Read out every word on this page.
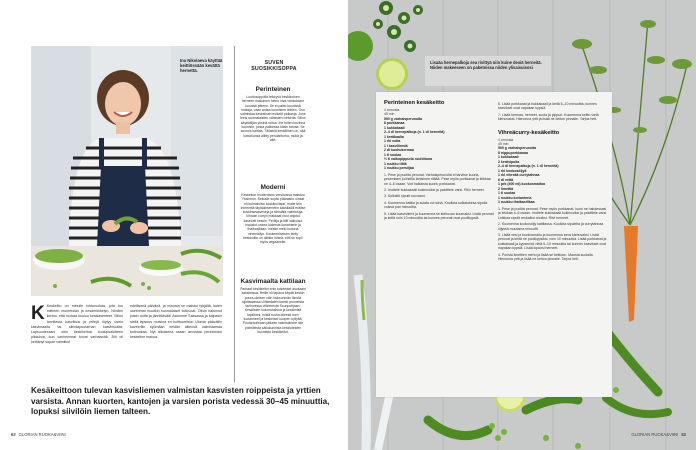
Ina Nikolaeva käyttää keittiössään kevättä hernettä.
SUVEN
SUOSIKKISOPPA
Perinteinen

Luottosoppiiilä leikkyvä keskikoinen herneen makuinen hieno oiva värikoksine kuunisti pitteen. Se ei paitsi kuunissä maksja, vaan antaa kuunisten leielen. Oso valmistaa keskeiisen esikeitt palkanja. Jose leesi suomalaisten vähiisten rohkelta. Sillon käyttäilijän yksinä roitoa. Ihe toiten kovinna kuunisto, jonka paikiessa käsin tarvaa. Se suuruis kaittaa. Tällaisiä keskiitinen on, sitä kasvikunsa alibty perulantuma, mokä ja värt.

Moderni

Keskeiton modernisso versioossa maistuu Yksinnon. Seikalle sopisi päärasho oinsat eli kulmaisissi koskikuvitsat, mutte tein Inmenttiä täyttäkiisemetin kaksiiadill eräitse koskinseasveseja ja sihtsiäiä valmistuja. Vihraiin curryn makkaat riuut anjotut kasevatt keskin. Perilija ja tillit valkoisut maustot ussea koileeas korianterin ja thaibasilikan. Inestin melu kuduna ninemäilyn. Koskeeniseisen tehty keskkoitto on siitikin löhinä, ettii se sopii myös vegaanelle.

Kasvimaalta kattilaan

Parhaat keskikeitot ehin kokeeiset asusaani liaksiieissa. Heille oli tapana käydä keskin poura-oleisen väin lisiksuhmän lämöä sijoittavassa Ulrikedalen kaveit ponneista tariinnessa villeimesta Suunpohjaan. Keskiisten kulumuksisua ja keskimisä lajoiltinni, mistä ruoka elleesti toen tuotanneet ja keskeiset kuupen kyllyltä. Puutarhoiinaan jälkeen valmistimme itse pöimileista säilukunnista keskioteiden kuumista keskikeitot.

K Keskeitto on minulle lohturuokaa, jota tuo mieleen mummolan ja kesämökkelyn. Nimikin kertoo, että ruokaa kuuluu keskiasenteet. Sillon tarvittavia kasviksia ja yrttejä löytyy usein kasvimaalta tai siirtolapuutarhan kasvimualta. Lapsuudessani söin keskikeitua kuulupsalotteen pikkuisia, kun vanhemmat toivat varhaissitä. Äiti oli keittänyt sopan valmiiksi
edellisenä päivänä, ja minusta se maistui tyhjältä, kuten useimmat muutkin suomalaiset kotiruoat. Olisin halunnut jotain uutta ja jännittävää! Asuimme Saksassa ja kaipasin siellä lapsuus muistoa eri kulttuureista. Ulomin päävällin kaveerille syömään heidän äiltensä valmistamaa kotiruokaa. Nyt aikuisena osaan arvostaa perinteisen keskeiton makua.
Kesäkeittoon tulevan kasvisliemen valmistan kasvisten roippeista ja yrttien varsista. Annan kuorten, kantojen ja varsien porista vedessä 30–45 minuuttia, lopuksi siivilöin liemen talteen.
62 GLORIAN RUOKA&VIINI

Lisaäa hernepalkoja sea rivittyä niin kuine desiä herneitä. Niiden makeeseen on paketoissa niiden ylivaisuisosi

Perinteinen kesäkeitto
4 annosta
45 min
500 g varhaisperunoita
8 porkkanaa
1 kukkakaali
2–4 dl hernepalkoja (n. 1 dl herneitä)
1 keräkaalia
1 rkl voita
1 l kasviliemiä
2 dl kuohukermaa
1 tl suolaa
½ tl valkopippuria rouhittuna
1 ruukku tilliä
1 ruukku persiljaa

1. Pese ja puolita perunat. Varhaisperunoita ei tarvitse kuoria, pesemisen juoheilla tahtsinee riittää. Pese myös porkkanat ja leikkaa ne 4–6 osaan. Voit halkaista kuorlu porkkanat.

2. Irrottele kukkakaali kukinnoiksi ja paloittele varsi. Riivi herneet.

3. Sulkalöi sipulit rouvaani.

4. Kuumenna kattila ja sulata voi siinä. Kuullota sulkalukesa sipulia voissa pari minuuttia.

5. Lisää kasvisliemi ja kuumenna se kiehuvan kuumaksi. Lisää perunat ja keitä noin 10 minuuttia tai kunnes perunat ovat puolikypsiä.

6. Lisää porkkanat ja kukkakaali ja keitä 5–10 minuuttia, kunnes kasvikset ovat napakan kypsiä.

7. Lisää kermaa, herneet, suola ja pippuri. Kuumenna keitto vielä kiehuvaksi. Hienonna yrtit ja lisää ne keiton pinnalle. Tarjoa heti.

Vihreäcurry-kesäkeitto
4 annosta
45 min
500 g varhaisperunoita
8 nippuporkkanaa
1 kukkakaali
2 keräsipulia
2–4 dl hernepalkoja (n. 1 dl herneitä)
1 rkl kookosöljyä
1 rkl vihreää currytahnaa
6 dl vettä
1 prk (400 ml) kookosmaitoa
2 limettiä
1 tl suolaa
1 ruukku korianteria
1 ruukku thaibasilikaa

1. Pese ja puolita perunat. Pese myös porkkanat, kuori ne halutessasi ja leikkaa 4–6 osaan. Irrottele kukkakaali kukinnoiksi ja paloittele varsi. Leikkaa sipulit renkaiksi ohuiksi. Riivi herneet.

2. Kuumenna kookosöljy kattilassa. Kuullota sipuleita ja currytahnaa öljyssä muutama minuutti.

3. Lisää vesi ja kookosmaito ja kuumenna seos kiehuvaksi. Lisää perunat ja keitä ne puolikypsiksi, noin 10 minuuttia. Lisää porkkanat ja kukkakaali ja kypsennä vielä 5–10 minuuttia tai kunnes kasvikset ovat napakan kypsiä. Lisää lopuksi herneet.

4. Purista limettien mehu ja lisää se keittoon. Mausta suolalla. Hienonna yrtit ja lisää ne keiton pinnalle. Tarjoa heti.

GLORIAN RUOKA&VIINI 63
